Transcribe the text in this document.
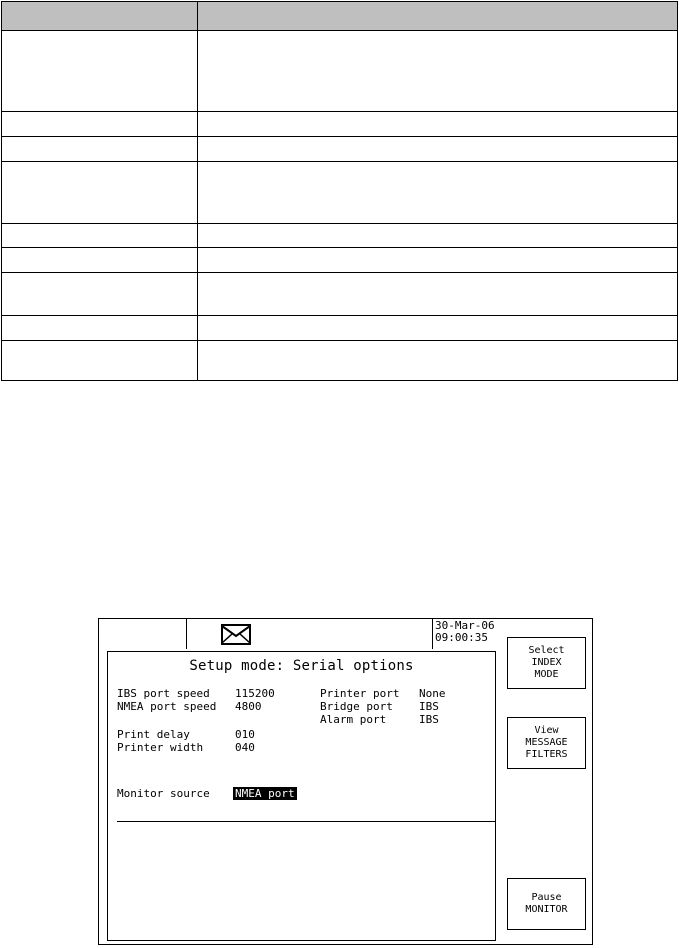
30-Mar-06
09:00:35
Setup mode: Serial options
IBS port speed 115200
NMEA port speed 4800
Print delay	010
Printer width	040
Printer port None
Bridge port IBS
Alarm port	IBS
Monitor source NMEA port
Select
INDEX
MODE
View
MESSAGE
FILTERS
Pause
MONITOR
